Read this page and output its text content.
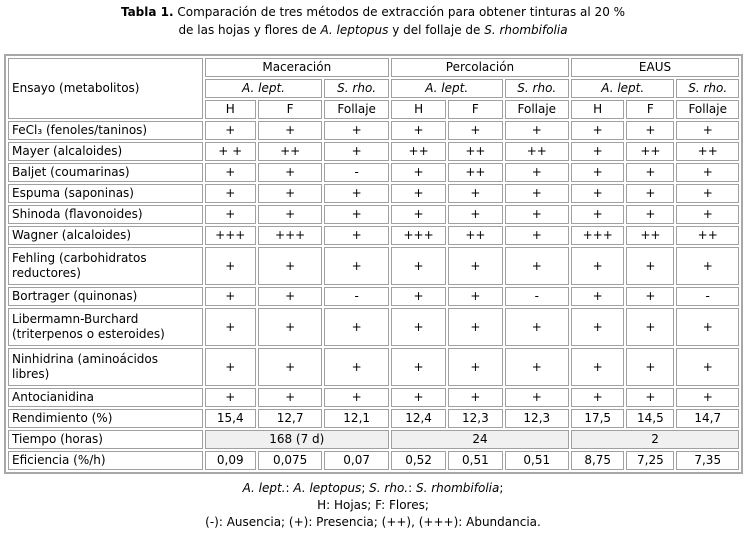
Tabla 1. Comparación de tres métodos de extracción para obtener tinturas al 20 %
de las hojas y flores de A. leptopus y del follaje de S. rhombifolia
Ensayo (metabolitos)	Maceración			Percolación			EAUS		
	A. lept.		S. rho.	A. lept.		S. rho.	A. lept.		S. rho.
	H	F	Follaje	H	F	Follaje	H	F	Follaje
FeCl₃ (fenoles/taninos)	+	+	+	+	+	+	+	+	+
Mayer (alcaloides)	+ +	++	+	++	++	++	+	++	++
Baljet (coumarinas)	+	+	-	+	++	+	+	+	+
Espuma (saponinas)	+	+	+	+	+	+	+	+	+
Shinoda (flavonoides)	+	+	+	+	+	+	+	+	+
Wagner (alcaloides)	+++	+++	+	+++	++	+	+++	++	++
Fehling (carbohidratos reductores)	+	+	+	+	+	+	+	+	+
Bortrager (quinonas)	+	+	-	+	+	-	+	+	-
Libermamn-Burchard (triterpenos o esteroides)	+	+	+	+	+	+	+	+	+
Ninhidrina (aminoácidos libres)	+	+	+	+	+	+	+	+	+
Antocianidina	+	+	+	+	+	+	+	+	+
Rendimiento (%)	15,4	12,7	12,1	12,4	12,3	12,3	17,5	14,5	14,7
Tiempo (horas)	168 (7 d)			24			2		
Eficiencia (%/h)	0,09	0,075	0,07	0,52	0,51	0,51	8,75	7,25	7,35
A. lept.: A. leptopus; S. rho.: S. rhombifolia;
H: Hojas; F: Flores;
(-): Ausencia; (+): Presencia; (++), (+++): Abundancia.
